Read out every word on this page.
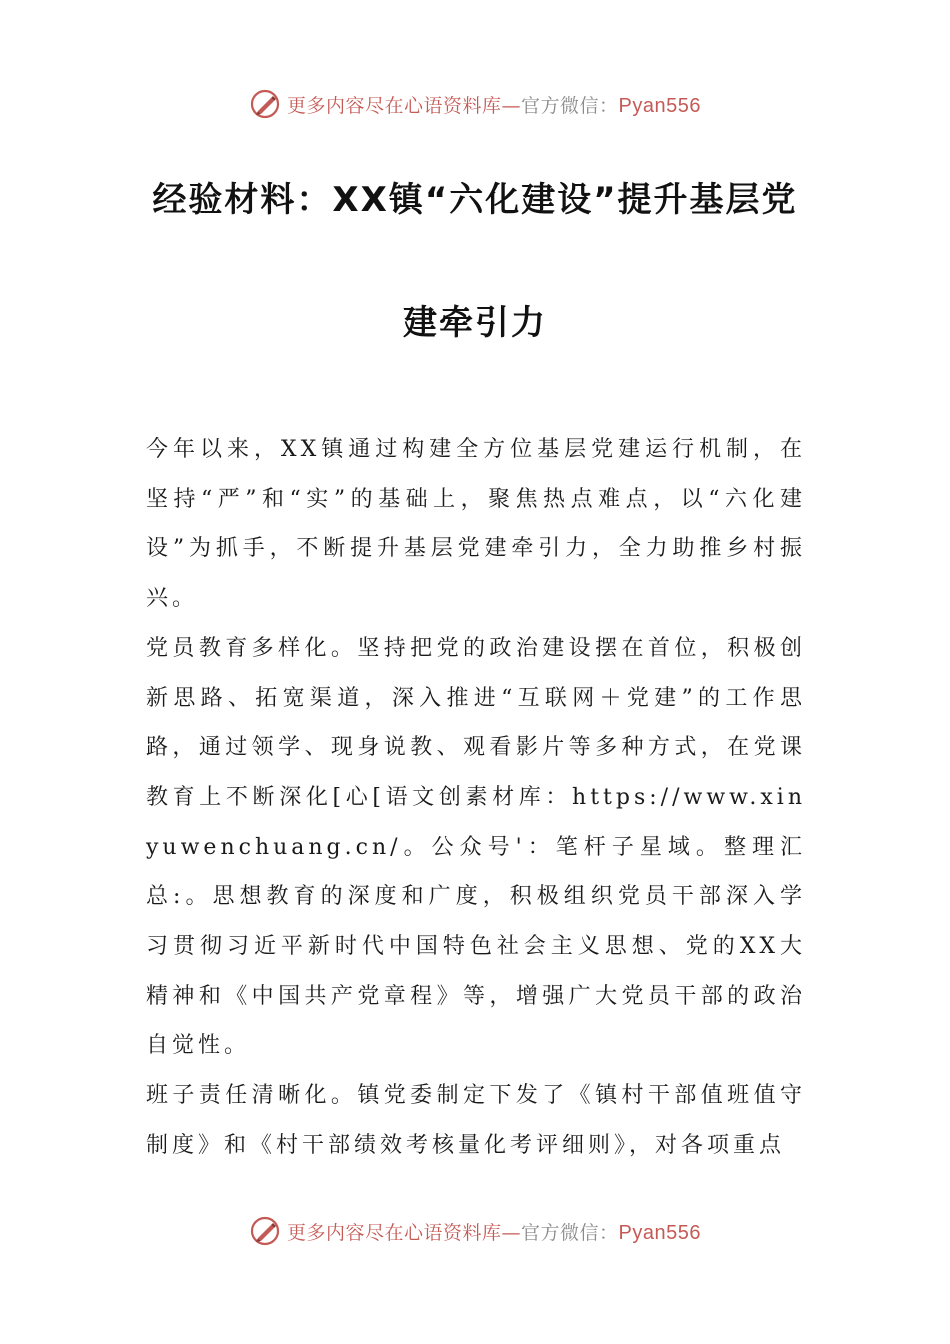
更多内容尽在心语资料库—官方微信：Pyan556
经验材料：XX镇“六化建设”提升基层党
建牵引力

今年以来，XX镇通过构建全方位基层党建运行机制，在坚持“严”和“实”的基础上，聚焦热点难点，以“六化建设”为抓手，不断提升基层党建牵引力，全力助推乡村振兴。

党员教育多样化。坚持把党的政治建设摆在首位，积极创新思路、拓宽渠道，深入推进“互联网＋党建”的工作思路，通过领学、现身说教、观看影片等多种方式，在党课教育上不断深化[心[语文创素材库：https://www.xinyuwenchuang.cn/。公众号'：笔杆子星域。整理汇总:。思想教育的深度和广度，积极组织党员干部深入学习贯彻习近平新时代中国特色社会主义思想、党的XX大精神和《中国共产党章程》等，增强广大党员干部的政治自觉性。

班子责任清晰化。镇党委制定下发了《镇村干部值班值守制度》和《村干部绩效考核量化考评细则》，对各项重点

更多内容尽在心语资料库—官方微信：Pyan556
